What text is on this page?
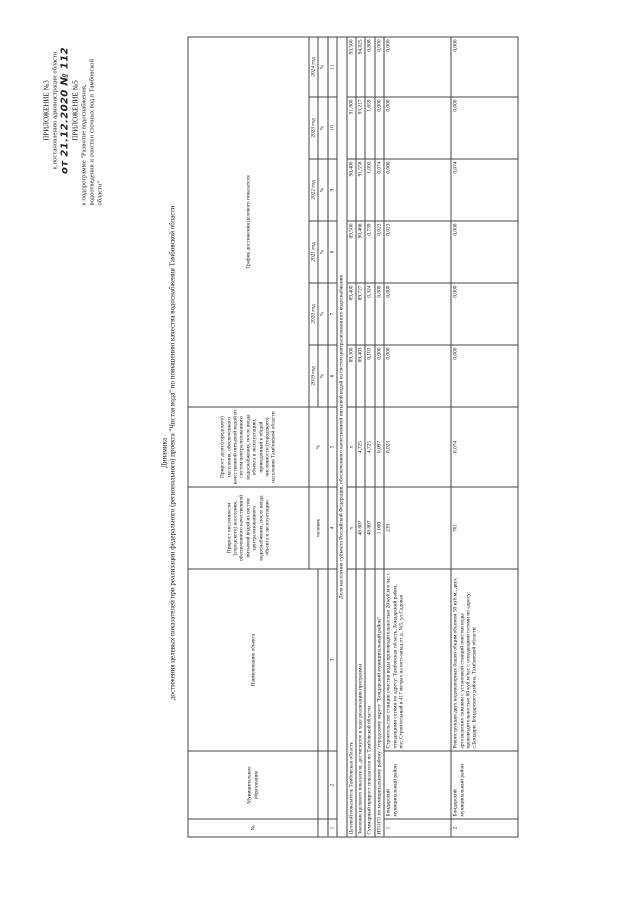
ПРИЛОЖЕНИЕ №3 к постановлению администрации области от 21.12.2020 № 112 ПРИЛОЖЕНИЕ №5 к подпрограмме "Развитие водоснабжения, водоотведения и очистки сточных вод в Тамбовской области"
Динамика достижения целевых показателей при реализации федерального (регионального) проекта "Чистая вода" по повышению качества водоснабжения Тамбовской области
№	Муниципальное образование	Наименование объекта	Прирост численности (городского) населения, обеспеченного качественной питьевой водой из систем централизованного водоснабжения, после ввода объекта в эксплуатацию	Прирост доли (городского) населения, обеспеченного качественной питьевой водой из систем централизованного водоснабжения, после ввода объекта в эксплуатацию, приведенный к общей численности (городского) населения Тамбовской области	График достижения целевого показателя					
			человек	%	2019 год	2020 год	2021 год	2022 год	2023 год	2024 год
					%	%	%	%	%	%
1	2	3	4	5	6	7	8	9	10	11
Доля населения субъекта Российской Федерации, обеспеченного качественной питьевой водой из систем централизованного водоснабжения										
Целевой показатель Тамбовская область			х	х	89,300	89,400	89,500	90,400	91,800	93,500
Значение целевого показателя, достигнутое в ходе реализации программы			48 807	4,725	89,403	89,727	90,466	91,558	93,217	94,025
Суммарный прирост показателя по Тамбовской области			48 807	4,725	0,103	0,324	0,739	1,092	1,659	0,808
ИТОГО по муниципальному району / городскому округу "Бондарский муниципальный район"			1 000	0,097	0,000	0,000	0,023	0,074	0,000	0,000
1	Бондарский муниципальный район	Строительство станции очистки воды производительностью 20 куб.м в час с отводящими сетями по адресу: Тамбовская область, Бондарский район, пос.Строительный в 417 метрах на юго-запад от д. №5, ул.Садовая	239	0,023	0,000	0,000	0,023	0,000	0,000	0,000
2	Бондарский муниципальный район	Реконструкция двух водонапорных башен общим объемом 50 куб.м., двух артезианских скважин с установкой станций очистки воды производительностью 60 куб.м/час с отводящими сетями по адресу: с.Бондари, Бондарского района, Тамбовской области	761	0,074	0,000	0,000	0,000	0,074	0,000	0,000
